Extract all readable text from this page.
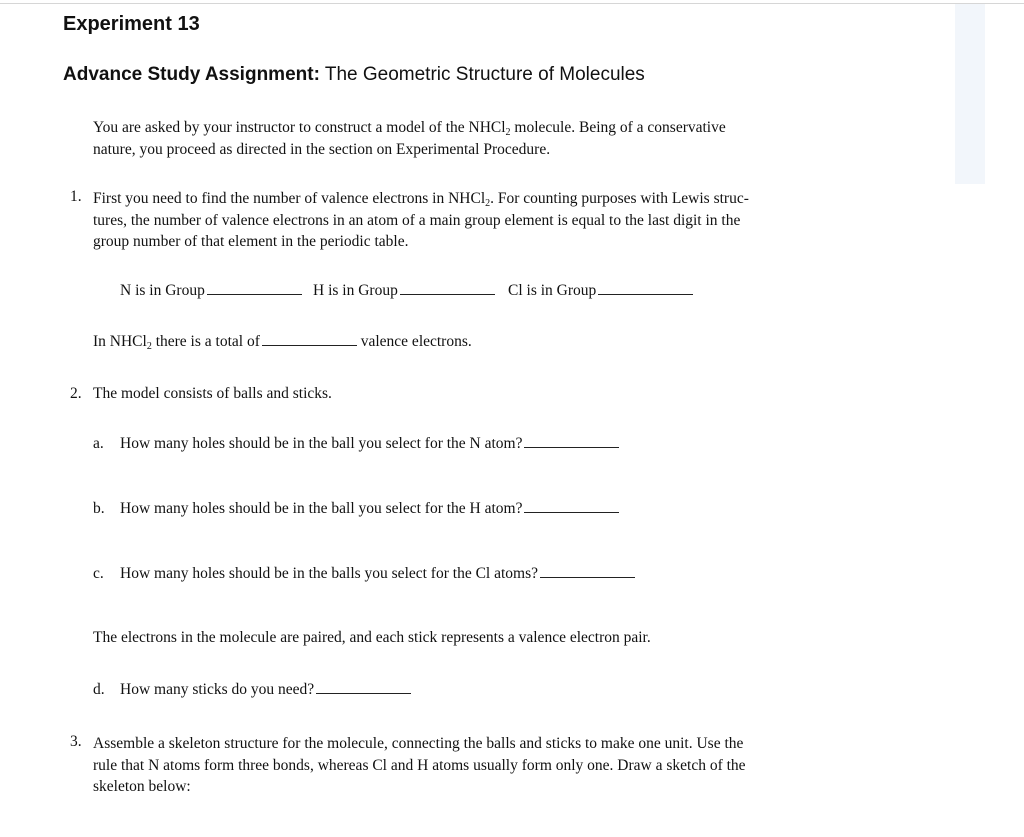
Experiment 13
Advance Study Assignment: The Geometric Structure of Molecules
You are asked by your instructor to construct a model of the NHCl$_2$ molecule. Being of a conservative
nature, you proceed as directed in the section on Experimental Procedure.
1. First you need to find the number of valence electrons in NHCl$_2$. For counting purposes with Lewis struc-
tures, the number of valence electrons in an atom of a main group element is equal to the last digit in the
group number of that element in the periodic table.
N is in Group	H is in Group	Cl is in Group
In NHCl$_2$ there is a total of	valence electrons.
2. The model consists of balls and sticks.
a. How many holes should be in the ball you select for the N atom?
b. How many holes should be in the ball you select for the H atom?
c. How many holes should be in the balls you select for the Cl atoms?
The electrons in the molecule are paired, and each stick represents a valence electron pair.
d. How many sticks do you need?
3. Assemble a skeleton structure for the molecule, connecting the balls and sticks to make one unit. Use the
rule that N atoms form three bonds, whereas Cl and H atoms usually form only one. Draw a sketch of the
skeleton below:
